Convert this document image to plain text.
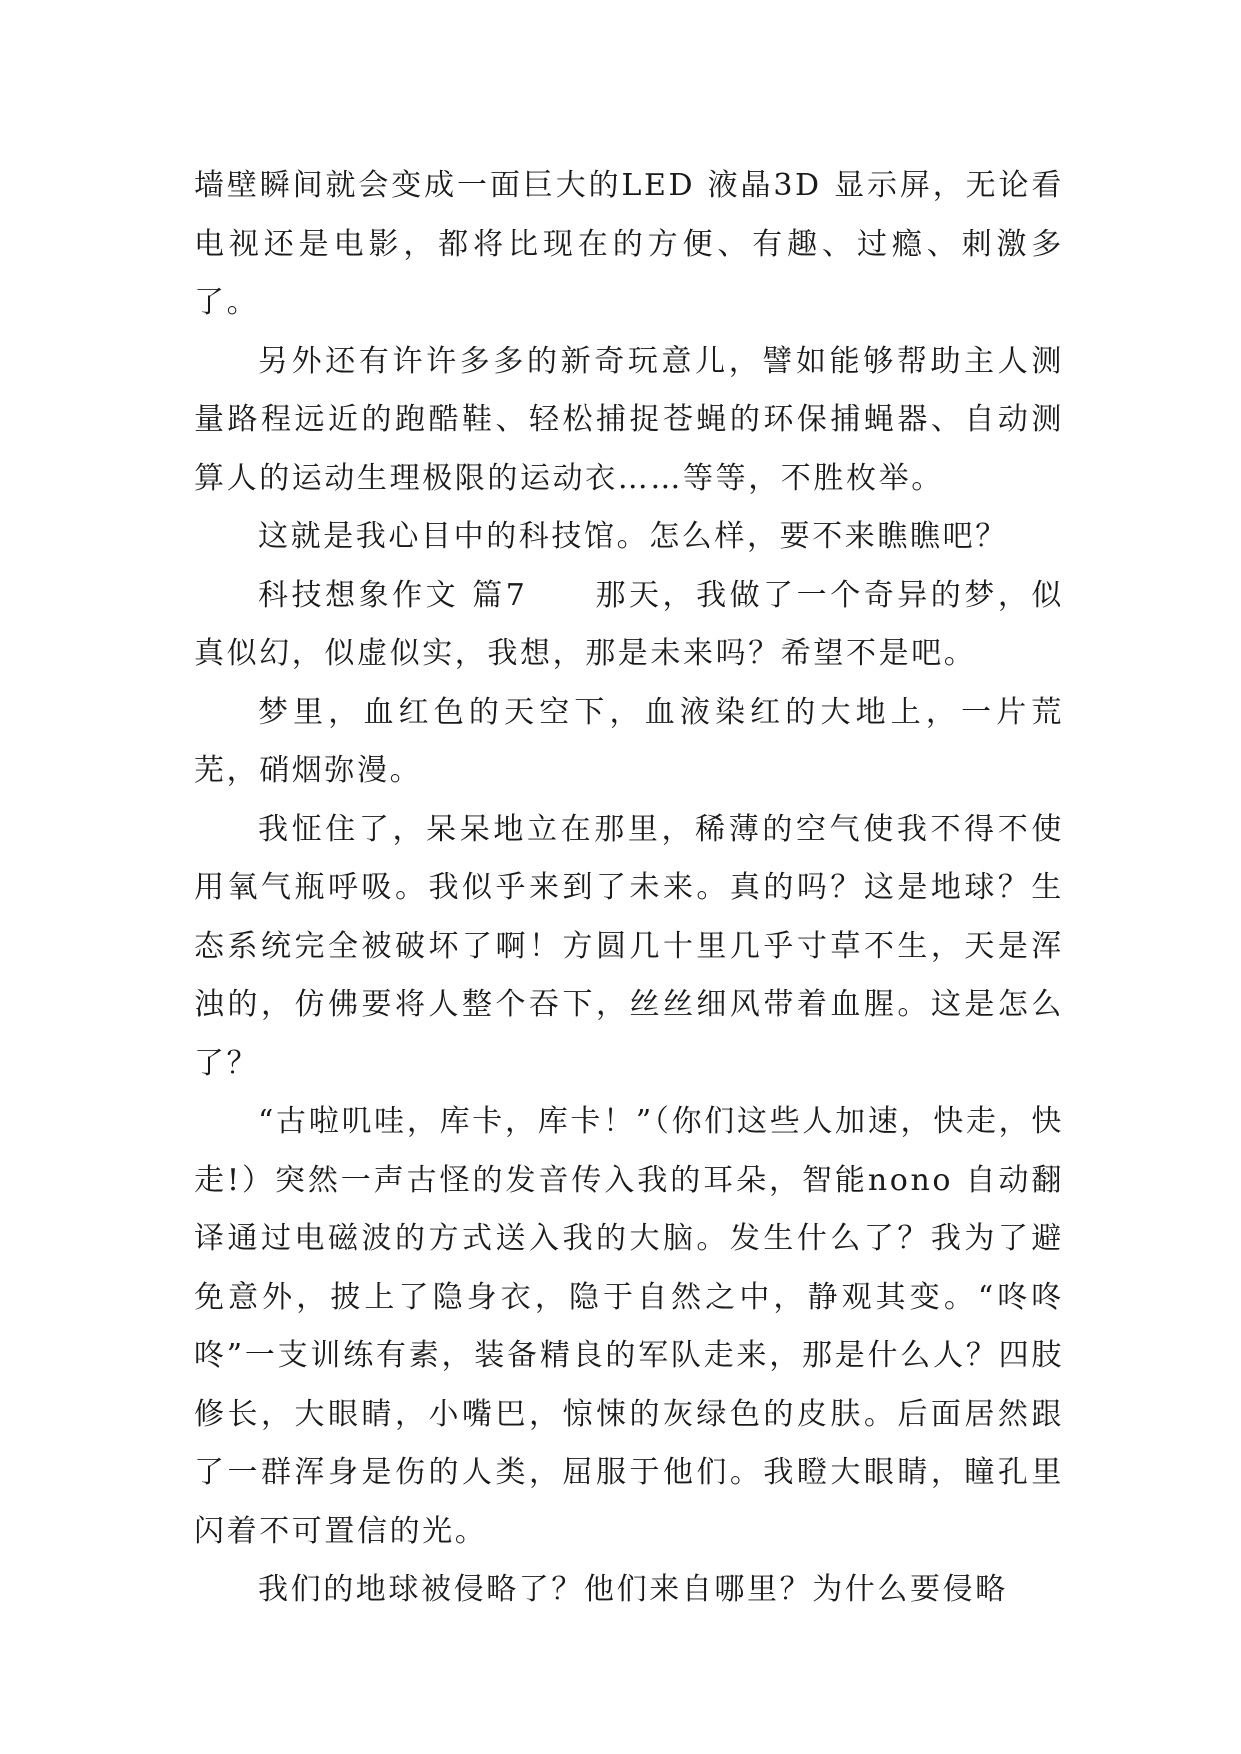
墙壁瞬间就会变成一面巨大的LED 液晶3D 显示屏，无论看电视还是电影，都将比现在的方便、有趣、过瘾、刺激多了。

另外还有许许多多的新奇玩意儿，譬如能够帮助主人测量路程远近的跑酷鞋、轻松捕捉苍蝇的环保捕蝇器、自动测算人的运动生理极限的运动衣……等等，不胜枚举。

这就是我心目中的科技馆。怎么样，要不来瞧瞧吧？

科技想象作文 篇7　　那天，我做了一个奇异的梦，似真似幻，似虚似实，我想，那是未来吗？希望不是吧。

梦里，血红色的天空下，血液染红的大地上，一片荒芜，硝烟弥漫。

我怔住了，呆呆地立在那里，稀薄的空气使我不得不使用氧气瓶呼吸。我似乎来到了未来。真的吗？这是地球？生态系统完全被破坏了啊！方圆几十里几乎寸草不生，天是浑浊的，仿佛要将人整个吞下，丝丝细风带着血腥。这是怎么了？

“古啦叽哇，库卡，库卡！”（你们这些人加速，快走，快走!）突然一声古怪的发音传入我的耳朵，智能nono 自动翻译通过电磁波的方式送入我的大脑。发生什么了？我为了避免意外，披上了隐身衣，隐于自然之中，静观其变。“咚咚咚”一支训练有素，装备精良的军队走来，那是什么人？四肢修长，大眼睛，小嘴巴，惊悚的灰绿色的皮肤。后面居然跟了一群浑身是伤的人类，屈服于他们。我瞪大眼睛，瞳孔里闪着不可置信的光。

我们的地球被侵略了？他们来自哪里？为什么要侵略
